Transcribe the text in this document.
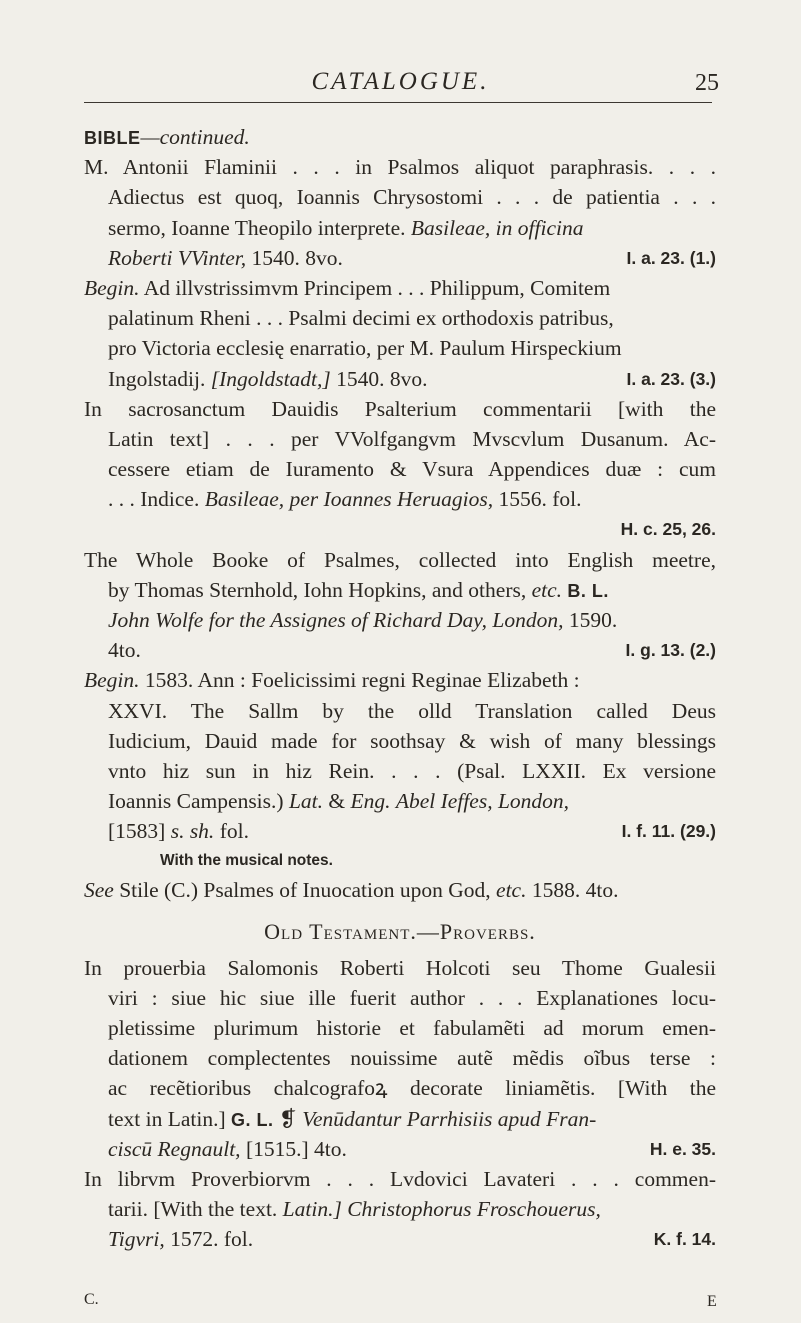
CATALOGUE.	25
BIBLE—continued.
M. Antonii Flaminii . . . in Psalmos aliquot paraphrasis. . . .
Adiectus est quoq, Ioannis Chrysostomi . . . de patientia . . .
sermo, Ioanne Theopilo interprete. Basileae, in officina
Roberti VVinter, 1540. 8vo.	I. a. 23. (1.)
Begin. Ad illvstrissimvm Principem . . . Philippum, Comitem
palatinum Rheni . . . Psalmi decimi ex orthodoxis patribus,
pro Victoria ecclesię enarratio, per M. Paulum Hirspeckium
Ingolstadij. [Ingoldstadt,] 1540. 8vo.	I. a. 23. (3.)
In sacrosanctum Dauidis Psalterium commentarii [with the
Latin text] . . . per VVolfgangvm Mvscvlum Dusanum. Ac-
cessere etiam de Iuramento & Vsura Appendices duæ : cum
. . . Indice. Basileae, per Ioannes Heruagios, 1556. fol.
H. c. 25, 26.
The Whole Booke of Psalmes, collected into English meetre,
by Thomas Sternhold, Iohn Hopkins, and others, etc. B. L.
John Wolfe for the Assignes of Richard Day, London, 1590.
4to.	I. g. 13. (2.)
Begin. 1583. Ann : Foelicissimi regni Reginae Elizabeth :
XXVI. The Sallm by the olld Translation called Deus
Iudicium, Dauid made for soothsay & wish of many blessings
vnto hiz sun in hiz Rein. . . . (Psal. LXXII. Ex versione
Ioannis Campensis.) Lat. & Eng. Abel Ieffes, London,
[1583] s. sh. fol.	I. f. 11. (29.)
With the musical notes.
See Stile (C.) Psalmes of Inuocation upon God, etc. 1588. 4to.
Old Testament.—Proverbs.
In prouerbia Salomonis Roberti Holcoti seu Thome Gualesii
viri : siue hic siue ille fuerit author . . . Explanationes locu-
pletissime plurimum historie et fabulamẽti ad morum emen-
dationem complectentes nouissime autẽ mẽdis oĩbus terse :
ac recẽtioribus chalcografoꝝ decorate liniamẽtis. [With the
text in Latin.] G. L. ❡ Venūdantur Parrhisiis apud Fran-
ciscū Regnault, [1515.] 4to.	H. e. 35.
In librvm Proverbiorvm . . . Lvdovici Lavateri . . . commen-
tarii. [With the text. Latin.] Christophorus Froschouerus,
Tigvri, 1572. fol.	K. f. 14.
C.	E
